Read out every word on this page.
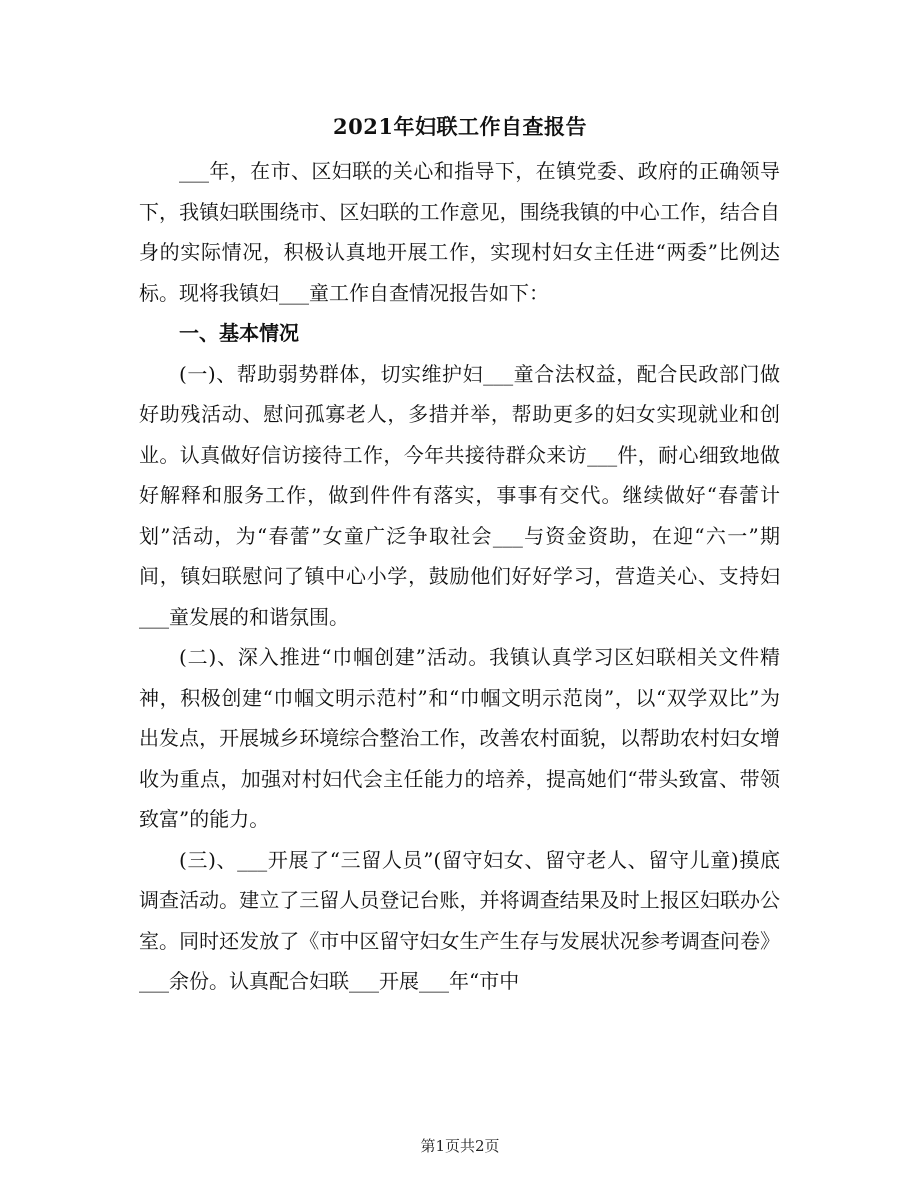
2021年妇联工作自查报告

___年，在市、区妇联的关心和指导下，在镇党委、政府的正确领导下，我镇妇联围绕市、区妇联的工作意见，围绕我镇的中心工作，结合自身的实际情况，积极认真地开展工作，实现村妇女主任进“两委”比例达标。现将我镇妇___童工作自查情况报告如下：

一、基本情况

(一)、帮助弱势群体，切实维护妇___童合法权益，配合民政部门做好助残活动、慰问孤寡老人，多措并举，帮助更多的妇女实现就业和创业。认真做好信访接待工作，今年共接待群众来访___件，耐心细致地做好解释和服务工作，做到件件有落实，事事有交代。继续做好“春蕾计划”活动，为“春蕾”女童广泛争取社会___与资金资助，在迎“六一”期间，镇妇联慰问了镇中心小学，鼓励他们好好学习，营造关心、支持妇___童发展的和谐氛围。

(二)、深入推进“巾帼创建”活动。我镇认真学习区妇联相关文件精神，积极创建“巾帼文明示范村”和“巾帼文明示范岗”，以“双学双比”为出发点，开展城乡环境综合整治工作，改善农村面貌，以帮助农村妇女增收为重点，加强对村妇代会主任能力的培养，提高她们“带头致富、带领致富”的能力。

(三)、___开展了“三留人员”(留守妇女、留守老人、留守儿童)摸底调查活动。建立了三留人员登记台账，并将调查结果及时上报区妇联办公室。同时还发放了《市中区留守妇女生产生存与发展状况参考调查问卷》___余份。认真配合妇联___开展___年“市中

第1页共2页
